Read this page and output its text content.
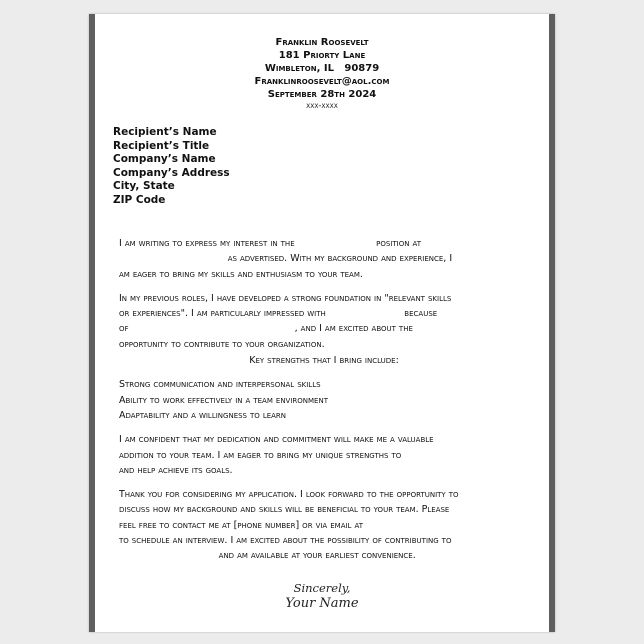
Franklin Roosevelt
181 Priorty Lane
Wimbleton, IL   90879
Franklinroosevelt@aol.com
September 28th 2024
xxx-xxxx
Recipient’s Name
Recipient’s Title
Company’s Name
Company’s Address
City, State
ZIP Code
I am writing to express my interest in the                           position at
as advertised. With my background and experience, I
am eager to bring my skills and enthusiasm to your team.
In my previous roles, I have developed a strong foundation in "relevant skills
or experiences". I am particularly impressed with                          because
of                                                       , and I am excited about the
opportunity to contribute to your organization.
Key strengths that I bring include:
Strong communication and interpersonal skills
Ability to work effectively in a team environment
Adaptability and a willingness to learn
I am confident that my dedication and commitment will make me a valuable
addition to your team. I am eager to bring my unique strengths to
and help achieve its goals.
Thank you for considering my application. I look forward to the opportunity to
discuss how my background and skills will be beneficial to your team. Please
feel free to contact me at [phone number] or via email at
to schedule an interview. I am excited about the possibility of contributing to
and am available at your earliest convenience.
Sincerely,
Your Name
